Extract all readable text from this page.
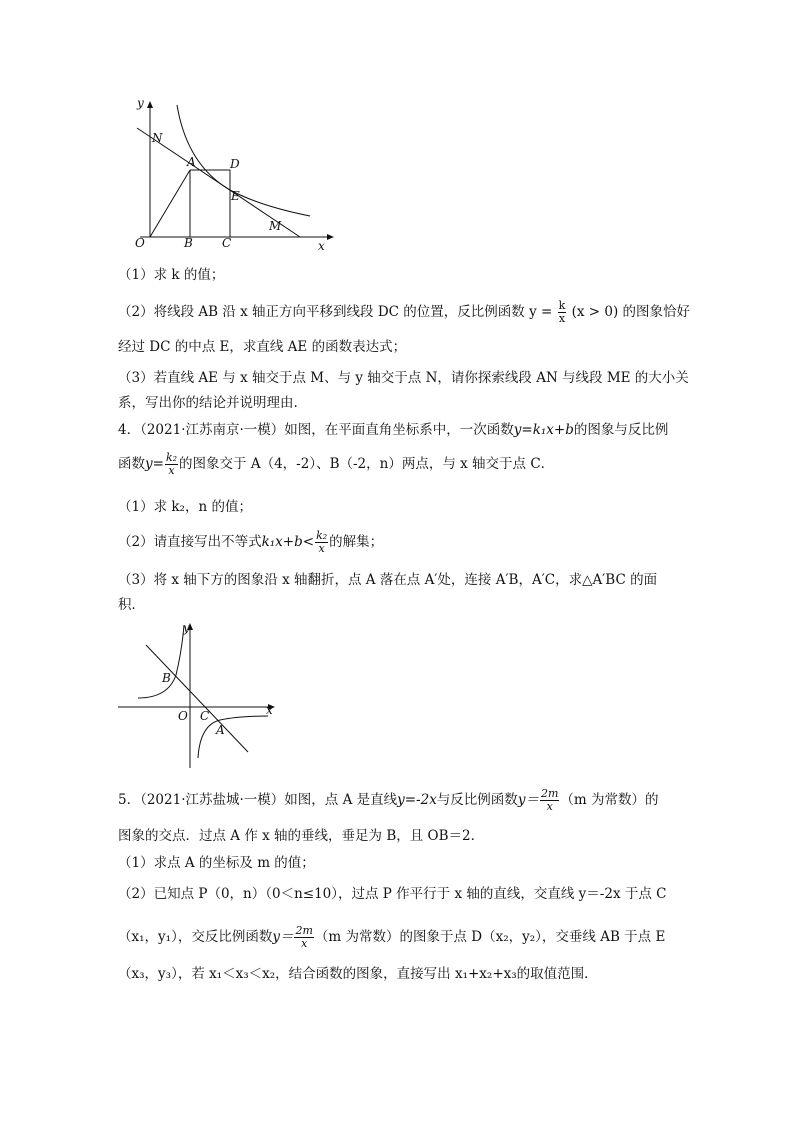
y
x
N
A	D
E
O	B C
M
（1）求 k 的值；
（2）将线段 AB 沿 x 轴正方向平移到线段 DC 的位置，反比例函数 $y = \frac{k}{x} (x > 0)$ 的图象恰好
经过 DC 的中点 E，求直线 AE 的函数表达式；
（3）若直线 AE 与 x 轴交于点 M、与 y 轴交于点 N，请你探索线段 AN 与线段 ME 的大小关
系，写出你的结论并说明理由.
4．（2021·江苏南京·一模）如图，在平面直角坐标系中，一次函数y=k₁x+b的图象与反比例
函数$y= \frac{\text{k₂}}{x}$ 的图象交于 A（4，-2）、B（-2，n）两点，与 x 轴交于点 C．
（1）求 k₂，n 的值；
（2）请直接写出不等式$k_1x+b< \frac{\text{k₂}}{x}$ 的解集；
（3）将 x 轴下方的图象沿 x 轴翻折，点 A 落在点 A′处，连接 A′B，A′C，求△A′BC 的面
积．
y
x
B
O C
A
5．（2021·江苏盐城·一模）如图，点 A 是直线y=-2x与反比例函数$y= \frac{2m}{x} (m$ 为常数）的
图象的交点．过点 A 作 x 轴的垂线，垂足为 B，且 OB＝2．
（1）求点 A 的坐标及 m 的值；
（2）已知点 P（0，n）（0＜n≤10），过点 P 作平行于 x 轴的直线，交直线 y＝-2x 于点 C
（x₁，y₁），交反比例函数$y= \frac{2m}{x} (m$ 为常数）的图象于点 D（x₂，y₂），交垂线 AB 于点 E
（x₃，y₃），若 x₁＜x₃＜x₂，结合函数的图象，直接写出 x₁+x₂+x₃的取值范围．
